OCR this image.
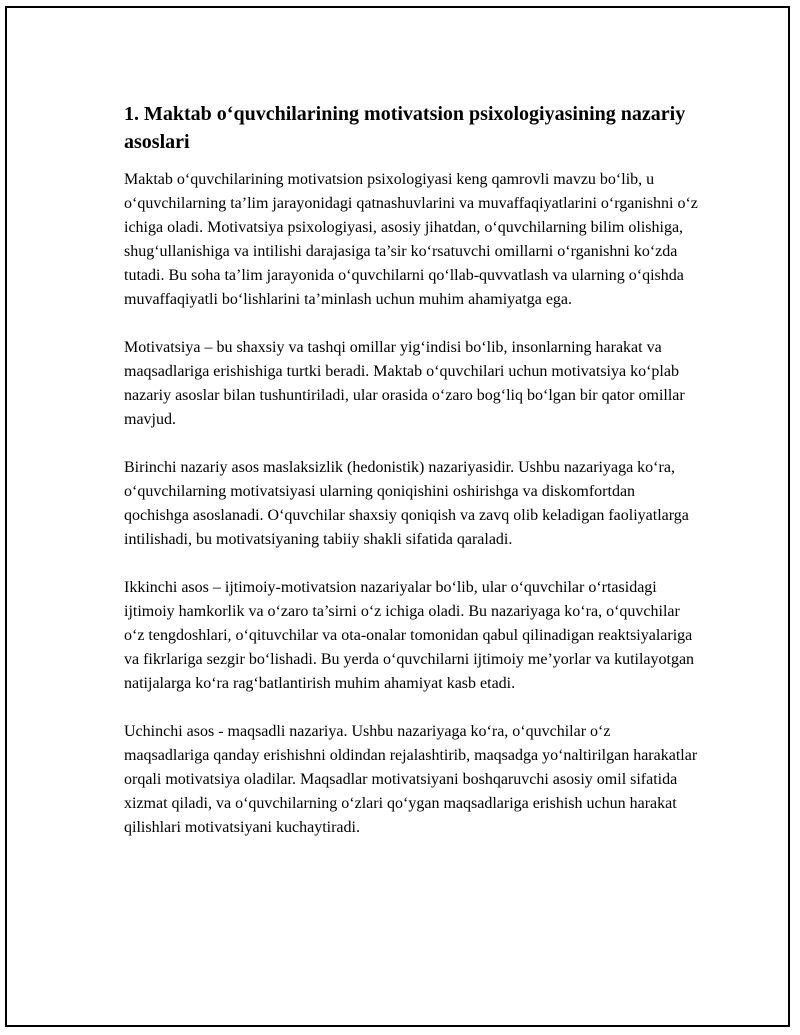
1. Maktab o‘quvchilarining motivatsion psixologiyasining nazariy asoslari

Maktab o‘quvchilarining motivatsion psixologiyasi keng qamrovli mavzu bo‘lib, u o‘quvchilarning ta’lim jarayonidagi qatnashuvlarini va muvaffaqiyatlarini o‘rganishni o‘z ichiga oladi. Motivatsiya psixologiyasi, asosiy jihatdan, o‘quvchilarning bilim olishiga, shug‘ullanishiga va intilishi darajasiga ta’sir ko‘rsatuvchi omillarni o‘rganishni ko‘zda tutadi. Bu soha ta’lim jarayonida o‘quvchilarni qo‘llab-quvvatlash va ularning o‘qishda muvaffaqiyatli bo‘lishlarini ta’minlash uchun muhim ahamiyatga ega.

Motivatsiya – bu shaxsiy va tashqi omillar yig‘indisi bo‘lib, insonlarning harakat va maqsadlariga erishishiga turtki beradi. Maktab o‘quvchilari uchun motivatsiya ko‘plab nazariy asoslar bilan tushuntiriladi, ular orasida o‘zaro bog‘liq bo‘lgan bir qator omillar mavjud.

Birinchi nazariy asos maslaksizlik (hedonistik) nazariyasidir. Ushbu nazariyaga ko‘ra, o‘quvchilarning motivatsiyasi ularning qoniqishini oshirishga va diskomfortdan qochishga asoslanadi. O‘quvchilar shaxsiy qoniqish va zavq olib keladigan faoliyatlarga intilishadi, bu motivatsiyaning tabiiy shakli sifatida qaraladi.

Ikkinchi asos – ijtimoiy-motivatsion nazariyalar bo‘lib, ular o‘quvchilar o‘rtasidagi ijtimoiy hamkorlik va o‘zaro ta’sirni o‘z ichiga oladi. Bu nazariyaga ko‘ra, o‘quvchilar o‘z tengdoshlari, o‘qituvchilar va ota-onalar tomonidan qabul qilinadigan reaktsiyalariga va fikrlariga sezgir bo‘lishadi. Bu yerda o‘quvchilarni ijtimoiy me’yorlar va kutilayotgan natijalarga ko‘ra rag‘batlantirish muhim ahamiyat kasb etadi.

Uchinchi asos - maqsadli nazariya. Ushbu nazariyaga ko‘ra, o‘quvchilar o‘z maqsadlariga qanday erishishni oldindan rejalashtirib, maqsadga yo‘naltirilgan harakatlar orqali motivatsiya oladilar. Maqsadlar motivatsiyani boshqaruvchi asosiy omil sifatida xizmat qiladi, va o‘quvchilarning o‘zlari qo‘ygan maqsadlariga erishish uchun harakat qilishlari motivatsiyani kuchaytiradi.
